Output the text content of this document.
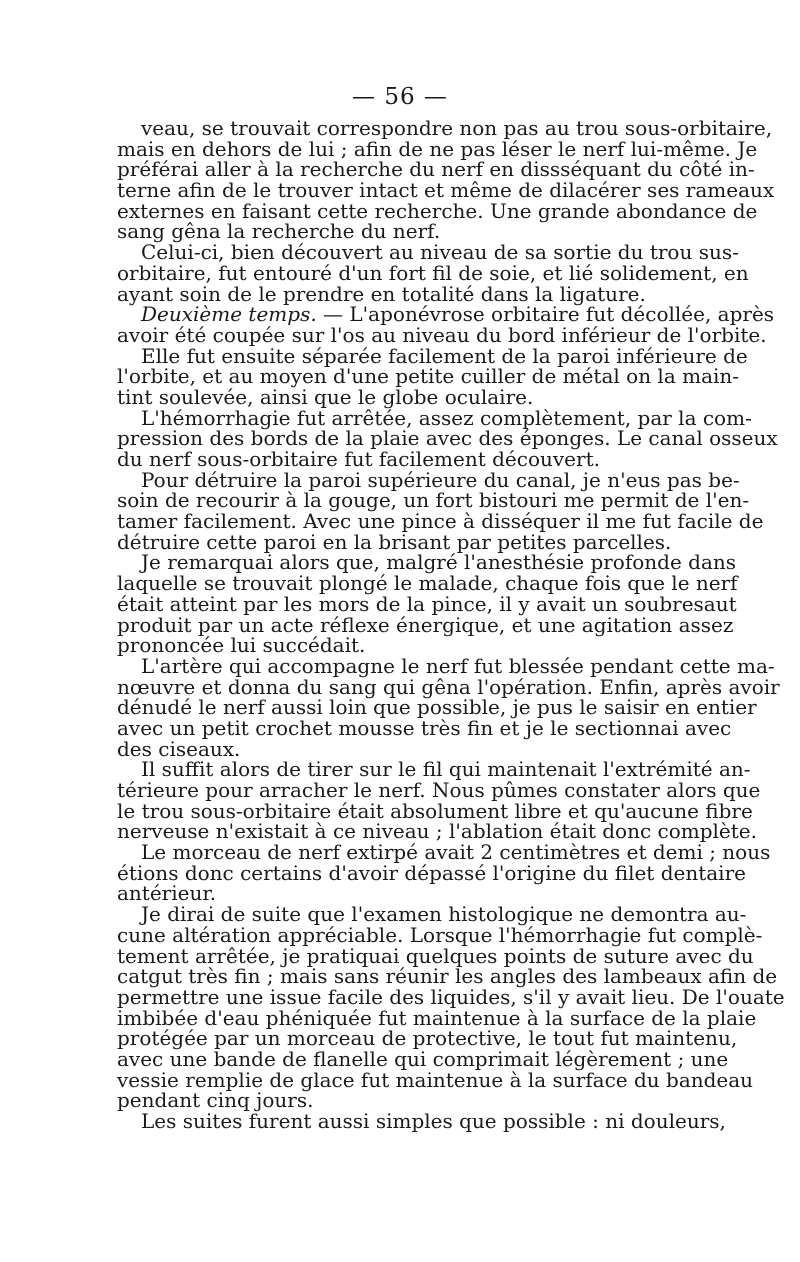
— 56 —
veau, se trouvait correspondre non pas au trou sous-orbitaire,
mais en dehors de lui ; afin de ne pas léser le nerf lui-même. Je
préférai aller à la recherche du nerf en dissséquant du côté in-
terne afin de le trouver intact et même de dilacérer ses rameaux
externes en faisant cette recherche. Une grande abondance de
sang gêna la recherche du nerf.
Celui-ci, bien découvert au niveau de sa sortie du trou sus-
orbitaire, fut entouré d'un fort fil de soie, et lié solidement, en
ayant soin de le prendre en totalité dans la ligature.
Deuxième temps. — L'aponévrose orbitaire fut décollée, après
avoir été coupée sur l'os au niveau du bord inférieur de l'orbite.
Elle fut ensuite séparée facilement de la paroi inférieure de
l'orbite, et au moyen d'une petite cuiller de métal on la main-
tint soulevée, ainsi que le globe oculaire.
L'hémorrhagie fut arrêtée, assez complètement, par la com-
pression des bords de la plaie avec des éponges. Le canal osseux
du nerf sous-orbitaire fut facilement découvert.
Pour détruire la paroi supérieure du canal, je n'eus pas be-
soin de recourir à la gouge, un fort bistouri me permit de l'en-
tamer facilement. Avec une pince à disséquer il me fut facile de
détruire cette paroi en la brisant par petites parcelles.
Je remarquai alors que, malgré l'anesthésie profonde dans
laquelle se trouvait plongé le malade, chaque fois que le nerf
était atteint par les mors de la pince, il y avait un soubresaut
produit par un acte réflexe énergique, et une agitation assez
prononcée lui succédait.
L'artère qui accompagne le nerf fut blessée pendant cette ma-
nœuvre et donna du sang qui gêna l'opération. Enfin, après avoir
dénudé le nerf aussi loin que possible, je pus le saisir en entier
avec un petit crochet mousse très fin et je le sectionnai avec
des ciseaux.
Il suffit alors de tirer sur le fil qui maintenait l'extrémité an-
térieure pour arracher le nerf. Nous pûmes constater alors que
le trou sous-orbitaire était absolument libre et qu'aucune fibre
nerveuse n'existait à ce niveau ; l'ablation était donc complète.
Le morceau de nerf extirpé avait 2 centimètres et demi ; nous
étions donc certains d'avoir dépassé l'origine du filet dentaire
antérieur.
Je dirai de suite que l'examen histologique ne demontra au-
cune altération appréciable. Lorsque l'hémorrhagie fut complè-
tement arrêtée, je pratiquai quelques points de suture avec du
catgut très fin ; mais sans réunir les angles des lambeaux afin de
permettre une issue facile des liquides, s'il y avait lieu. De l'ouate
imbibée d'eau phéniquée fut maintenue à la surface de la plaie
protégée par un morceau de protective, le tout fut maintenu,
avec une bande de flanelle qui comprimait légèrement ; une
vessie remplie de glace fut maintenue à la surface du bandeau
pendant cinq jours.
Les suites furent aussi simples que possible : ni douleurs,
